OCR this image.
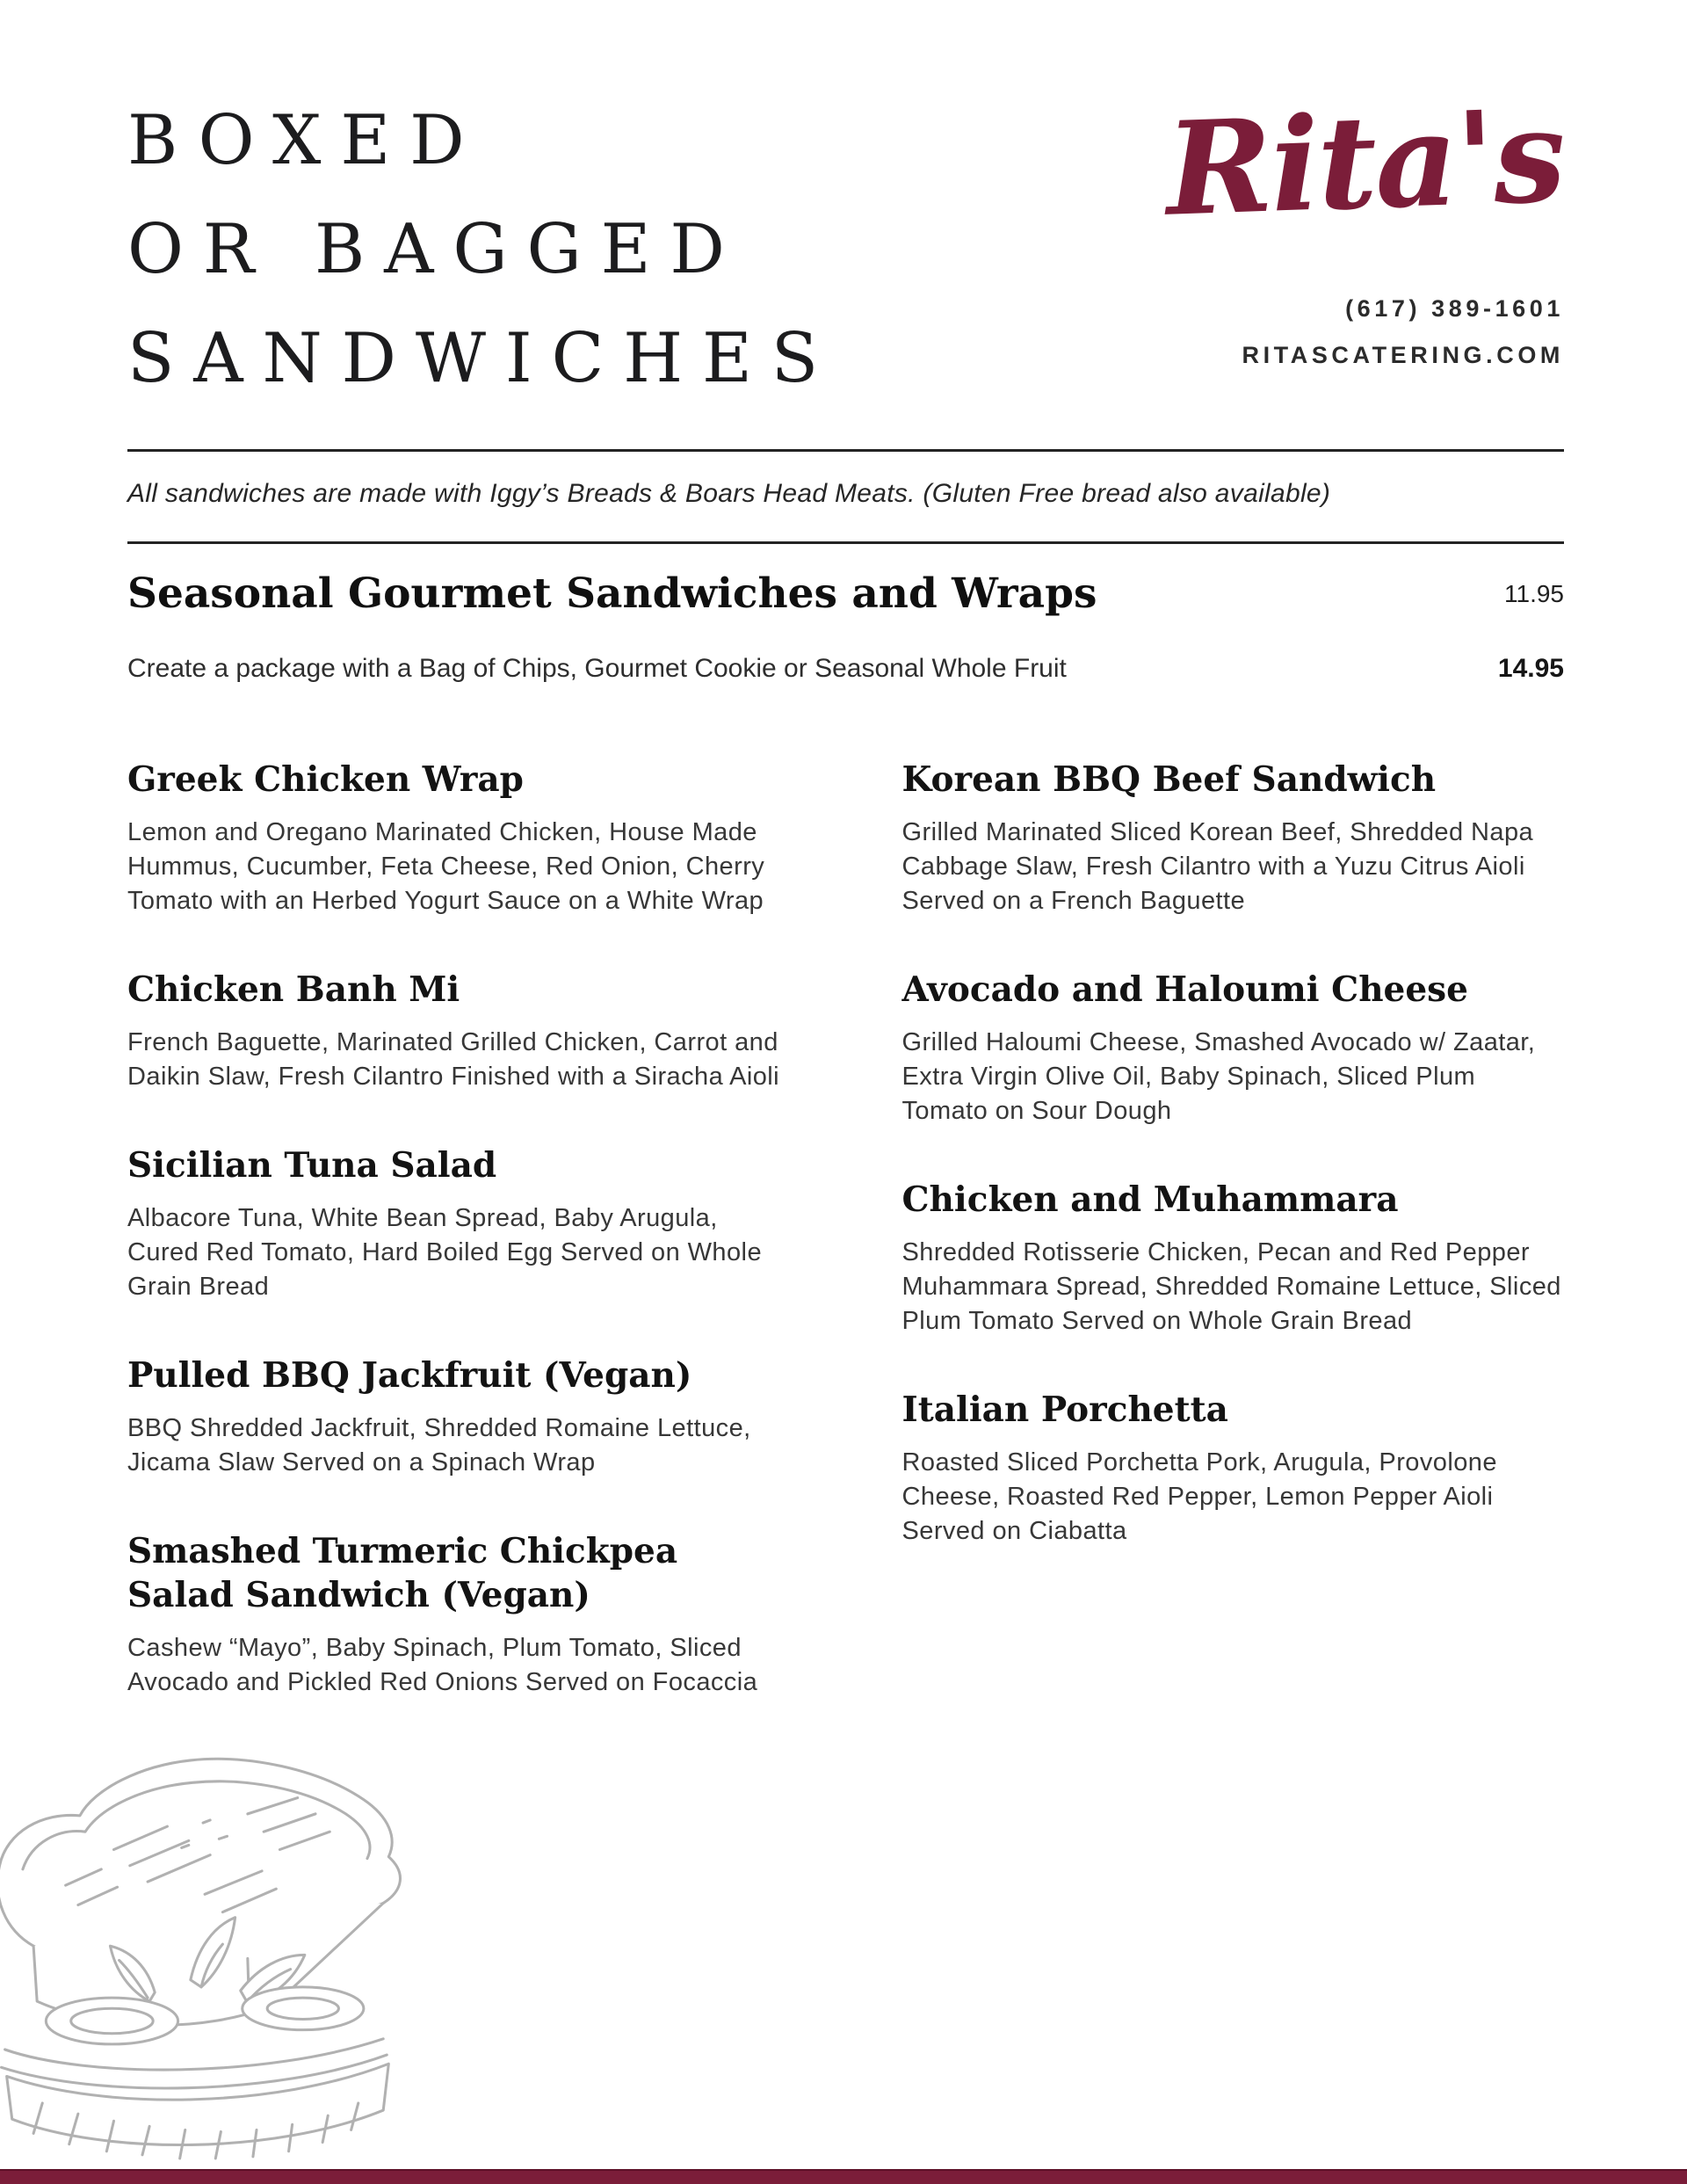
BOXED
OR BAGGED
SANDWICHES
Rita's
(617) 389-1601
RITASCATERING.COM

All sandwiches are made with Iggy’s Breads & Boars Head Meats. (Gluten Free bread also available)

Seasonal Gourmet Sandwiches and Wraps	11.95
Create a package with a Bag of Chips, Gourmet Cookie or Seasonal Whole Fruit	14.95
Greek Chicken Wrap

Lemon and Oregano Marinated Chicken, House Made Hummus, Cucumber, Feta Cheese, Red Onion, Cherry Tomato with an Herbed Yogurt Sauce on a White Wrap

Chicken Banh Mi

French Baguette, Marinated Grilled Chicken, Carrot and Daikin Slaw, Fresh Cilantro Finished with a Siracha Aioli

Sicilian Tuna Salad

Albacore Tuna, White Bean Spread, Baby Arugula, Cured Red Tomato, Hard Boiled Egg Served on Whole Grain Bread

Pulled BBQ Jackfruit (Vegan)

BBQ Shredded Jackfruit, Shredded Romaine Lettuce, Jicama Slaw Served on a Spinach Wrap

Smashed Turmeric Chickpea Salad Sandwich (Vegan)

Cashew “Mayo”, Baby Spinach, Plum Tomato, Sliced Avocado and Pickled Red Onions Served on Focaccia

Korean BBQ Beef Sandwich

Grilled Marinated Sliced Korean Beef, Shredded Napa Cabbage Slaw, Fresh Cilantro with a Yuzu Citrus Aioli Served on a French Baguette

Avocado and Haloumi Cheese

Grilled Haloumi Cheese, Smashed Avocado w/ Zaatar, Extra Virgin Olive Oil, Baby Spinach, Sliced Plum Tomato on Sour Dough

Chicken and Muhammara

Shredded Rotisserie Chicken, Pecan and Red Pepper Muhammara Spread, Shredded Romaine Lettuce, Sliced Plum Tomato Served on Whole Grain Bread

Italian Porchetta

Roasted Sliced Porchetta Pork, Arugula, Provolone Cheese, Roasted Red Pepper, Lemon Pepper Aioli Served on Ciabatta
